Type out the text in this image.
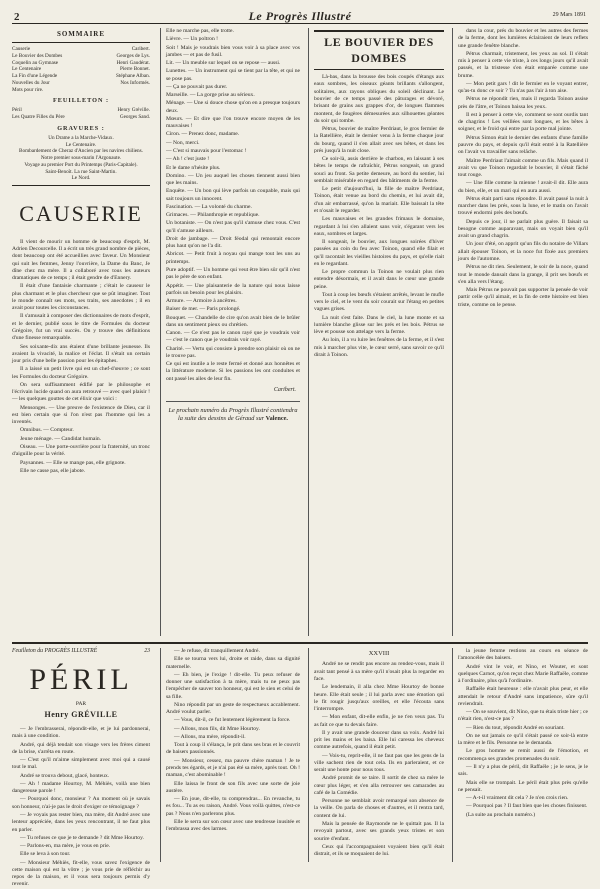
2	Le Progrès Illustré	29 Mars 1891
SOMMAIRE
Causerie	Caribert.
Le Bouvier des Dombes	Georges de Lys.
Coquelin au Gymnase	Henri Gaudérat.
Le Centenaire	Pierre Bonnet.
La Fin d'une Légende	Stéphane Alban.
Nouvelles du Jour	Nos Informés.
Mots pour rire.
FEUILLETON :
Péril	Henry Gréville.
Les Quatre Filles du Père	Georges Sand.
GRAVURES :
Un Drame a la Marche-Vidaux.
Le Centenaire.
Bombardement de Cheraz d'Ancien par les navires chiliens.
Notre premier sous-marin l'Argonaute.
Voyage au premier Port du Printemps (Paris-Capitale).
Saint-Benoît. La rue Saint-Martin.
Le Nord.
CAUSERIE

Il vient de mourir un homme de beaucoup d'esprit, M. Adrien Decourcelle. Il a écrit un très grand nombre de pièces, dont beaucoup ont été accueillies avec faveur. Un Monsieur qui suit les femmes, Jenny l'ouvrière, la Dame du Banc, Je dîne chez ma mère. Il a collaboré avec tous les auteurs dramatiques de ce temps ; il était gendre de d'Ennery.

Il était d'une fantaisie charmante ; c'était le causeur le plus charmant et le plus chercheur que se pût imaginer. Tout le monde connaît ses mots, ses traits, ses anecdotes ; il en avait pour toutes les circonstances.

Il s'amusait à composer des dictionnaires de mots d'esprit, et le dernier, publié sous le titre de Formules du docteur Grégoire, fut un vrai succès. On y trouve des définitions d'une finesse remarquable.

Ses soixante-dix ans étaient d'une brillante jeunesse. Ils avaient la vivacité, la malice et l'éclat. Il s'était un certain jour pris d'une belle passion pour les épitaphes.

Il a laissé un petit livre qui est un chef-d'œuvre ; ce sont les Formules du docteur Grégoire.

On sera suffisamment édifié par le philosophe et l'écrivain lucide quand on aura retrouvé — avec quel plaisir ! — les quelques gouttes de cet élixir que voici :

Mensonges. — Une preuve de l'existence de Dieu, car il est bien certain que si l'on n'est pas l'homme qui les a inventés.

Omnibus. — Compteur.

Jeune ménage. — Candidat humain.

Oiseau. — Une porte-ouvrière pour la fraternité, un tronc d'aiguille pour la vérité.

Paysannes. — Elle se mange pas, elle grignote.

Elle ne casse pas, elle jabote.

Elle ne marche pas, elle trotte.

Lièvre. — Un poltron !

Soit ! Mais je voudrais bien vous voir à sa place avec vos jambes — et pas de fusil.

Lit. — Un meuble sur lequel on se repose — aussi.

Lunettes. — Un instrument qui se tient par la tête, et qui ne se pose pas.

— Ça ne pouvait pas durer.

Marseille. — La gorge prise au sérieux.

Ménage. — Une si douce chose qu'on en a presque toujours deux.

Mœurs. — Et dire que l'on trouve encore moyen de les mauvaises !

Ciron. — Prenez donc, madame.

— Non, merci.

— C'est si mauvais pour l'estomac !

— Ah ! c'est juste !

Et le dame n'hésite plus.

Domino. — Un jeu auquel les choses tiennent aussi bien que les mains.

Enquête. — Un bon qui lève parfois un coupable, mais qui sait toujours un innocent.

Fascination. — La volonté du charme.

Grimaces. — Philanthropie et republique.

Un botaniste. — On n'est pas qu'il s'amuse chez vous. C'est qu'il s'amuse ailleurs.

Droit de jambage. — Droit féodal qui remontait encore plus haut qu'on ne l'a dit.

Abricot. — Petit fruit à noyau qui mange tout les uns au printemps.

Pure adoptif. — Un homme qui veut être bien sûr qu'il n'est pas le père de son enfant.

Appétit. — Une plaisanterie de la nature qui nous laisse parfois un besoin pour les plaisirs.

Armure. — Armoire à ancêtres.

Baiser de mer. — Paris prolongé.

Bouquet. — Chandelle de cire qu'on avait bien de le brûler dans un sentiment pieux ou chrétien.

Canon. — Ce n'est pas le canon rayé que je voudrais voir — c'est le canon que je voudrais voir rayé.

Charité. — Vertu qui consiste à prendre son plaisir où on ne le trouve pas.

Ce qui est inutile a le reste fermé et donné aux honnêtes et la littérature moderne. Si les passions les ont conduites et ont passé les ailes de leur fin.

Caribert.
Le prochain numéro du Progrès Illustré contiendra la suite des dessins de Géraud sur Valence.
LE BOUVIER DES DOMBES

Là-bas, dans la brousse des bois coupés d'étangs aux eaux sombres, les oiseaux géants brillants s'allongent, solitaires, aux rayons obliques du soleil déclinant. Le bouvier de ce temps passé des pâturages et dévoré, brisant de grains aux grappes d'or, de longues flammes montent, de fougères démesurées aux silhouettes géantes du soir qui tombe.

Pétrus, bouvier de maître Perdriaut, le gros fermier de la Ratellière, était le dernier venu à la ferme chaque jour du bourg, quand il s'en allait avec ses bêtes, et dans les prés jusqu'à la nuit close.

Ce soir-là, assis derrière le charbon, en laissant à ses bêtes le temps de rafraîchir, Pétrus songeait, un grand souci au front. Sa petite demeure, au bord du sentier, lui semblait misérable en regard des bâtiments de la ferme.

Le petit d'aujourd'hui, la fille de maître Perdriaut, Toinon, était venue au bord du chemin, et lui avait dit, d'un air embarrassé, qu'on la mariait. Elle baissait la tête et n'osait le regarder.

Les mauvaises et les grandes frimaux le domaine, regardant à lui s'en allaient sans voir, s'égarant vers les eaux, sombres et larges.

Il songeait, le bouvier, aux longues soirées d'hiver passées au coin du feu avec Toinon, quand elle filait et qu'il racontait les vieilles histoires du pays, et qu'elle riait en le regardant.

Le propre commun la Toinon ne voulait plus rien entendre désormais, et il avait dans le cœur une grande peine.

Tout à coup les bœufs s'étaient arrêtés, levant le mufle vers le ciel, et le vent du soir courait sur l'étang en petites vagues grises.

La nuit s'est faite. Dans le ciel, la lune monte et sa lumière blanche glisse sur les prés et les bois. Pétrus se lève et pousse son attelage vers la ferme.

Au loin, il a vu luire les fenêtres de la ferme, et il s'est mis à marcher plus vite, le cœur serré, sans savoir ce qu'il dirait à Toinon.

dans la cour, prés du bouvier et les autres des fermes de la ferme, dont les lumières éclairaient de leurs reflets une grande fenêtre blanche.

Pétrus charmait, tristement, les yeux au sol. Il s'était mis à penser à cette vie triste, à ces longs jours qu'il avait passés, et la tristesse s'en était emparée comme une brume.

— Mon petit gars ! dit le fermier en le voyant entrer, qu'as-tu donc ce soir ? Tu n'as pas l'air à ton aise.

Pétrus ne répondit rien, mais il regarda Toinon assise près de l'âtre, et Toinon baissa les yeux.

Il est à penser à cette vie, comment se sont ourdis tant de chagrins ! Les veillées sont longues, et les bêtes à soigner, et le froid qui entre par la porte mal jointe.

Pétrus Simon était le dernier des enfants d'une famille pauvre du pays, et depuis qu'il était entré à la Ratellière on l'avait vu travailler sans relâche.

Maître Perdriaut l'aimait comme un fils. Mais quand il avait vu que Toinon regardait le bouvier, il s'était fâché tout rouge.

— Une fille comme la mienne ! avait-il dit. Elle aura du bien, elle, et un mari qui en aura aussi.

Pétrus était parti sans répondre. Il avait passé la nuit à marcher dans les prés, sous la lune, et le matin on l'avait trouvé endormi près des bœufs.

Depuis ce jour, il ne parlait plus guère. Il faisait sa besogne comme auparavant, mais on voyait bien qu'il avait un grand chagrin.

Un jour d'été, on apprit qu'un fils du notaire de Villars allait épouser Toinon, et la noce fut fixée aux premiers jours de l'automne.

Pétrus ne dit rien. Seulement, le soir de la noce, quand tout le monde dansait dans la grange, il prit ses bœufs et s'en alla vers l'étang.

Mais Pétrus ne pouvait pas supporter la pensée de voir partir celle qu'il aimait, et la fin de cette histoire est bien triste, comme on le pense.

Feuilleton du PROGRÈS ILLUSTRÉ	23
PÉRIL
PAR
Henry GRÉVILLE

— Je l'embrasserai, répondit-elle, et je lui pardonnerai, mais à une condition.

André, qui déjà tendait son visage vers les frères ciment de la brise, s'arrêta en route.

— C'est qu'il m'aime simplement avec moi qui a causé tout le mal.

André se trouva debout, glacé, honteux.

— Ah ! madame Hourtoy, M. Méhiès, voilà une bien dangereuse parole !

— Pourquoi donc, monsieur ? Au moment où je savais son honneur, n'ai-je pas le droit d'exiger ce témoignage ?

— Je voyais pas rester bien, ma mère, dit André avec une lenteur appréciée, dans les yeux rencontrant, il ne faut plus en parler.

— Tu refuses ce que je te demande ? dit Mme Hourtoy.

— Parlons-en, ma mère, je vous en prie.

Elle se leva à son tour.

— Monsieur Méhiès, fit-elle, vous savez l'exigence de cette maison qui est la vôtre ; je vous prie de réfléchir au repos de la maison, et il vous sera toujours permis d'y revenir.

— Je refuse, dit tranquillement André.

Elle se tourna vers lui, droite et raide, dans sa dignité maternelle.

— Eh bien, je l'exige ! dit-elle. Tu peux refuser de donner une satisfaction à ta mère, mais tu ne peux pas l'empêcher de sauver ton honneur, qui est le sien et celui de sa fille.

Nino répondit par un geste de respectueux accablement. André voulut parler.

— Vous, dit-il, ce fut lentement légèrement la force.

— Allons, mon fils, dit Mme Hourtoy.

— Allons, ma mère, répondit-il.

Tout à coup il s'élança, le prit dans ses bras et le couvrit de baisers passionnés.

— Monsieur, cessez, ma pauvre chère maman ! Je te prends tes égards, et je n'ai pas été sa mère, après tout. Oh ! maman, c'est abominable !

Elle laissa le front de son fils avec une sorte de joie austère.

— En joue, dit-elle, tu comprendras... En revanche, tu es fou... Tu as eu raison, André. Vous voilà quittes, n'est-ce pas ? Nous n'en parlerons plus.

Elle le serra sur son cœur avec une tendresse inusitée et l'embrassa avec des larmes.

XXVIII

André ne se rendit pas encore au rendez-vous, mais il avait tant pensé à sa mère qu'il n'osait plus la regarder en face.

Le lendemain, il alla chez Mme Hourtoy de bonne heure. Elle était seule ; il lui parla avec une émotion qui le fit rougir jusqu'aux oreilles, et elle l'écouta sans l'interrompre.

— Mon enfant, dit-elle enfin, je ne t'en veux pas. Tu as fait ce que tu devais faire.

Il y avait une grande douceur dans sa voix. André lui prit les mains et les baisa. Elle lui caressa les cheveux comme autrefois, quand il était petit.

— Vois-tu, reprit-elle, il ne faut pas que les gens de la ville sachent rien de tout cela. Ils en parleraient, et ce serait une honte pour nous tous.

André promit de se taire. Il sortit de chez sa mère le cœur plus léger, et s'en alla retrouver ses camarades au café de la Comédie.

Personne ne semblait avoir remarqué son absence de la veille. On parla de choses et d'autres, et il rentra tard, content de lui.

Mais la pensée de Raymonde ne le quittait pas. Il la revoyait partout, avec ses grands yeux tristes et son sourire d'enfant.

Ceux qui l'accompagnaient voyaient bien qu'il était distrait, et ils se moquaient de lui.

la jeune femme restions au cours en séance de l'amoncélée des baisers.

André vint le voir, et Nino, et Wouter, et sont quelques Carnot, qu'on reçut chez Marie Raffaële, comme à l'ordinaire, plus qu'à l'ordinaire.

Raffaële était heureuse : elle n'avait plus peur, et elle attendait le retour d'André sans impatience, sûre qu'il reviendrait.

— On se souvient, dit Nino, que tu étais triste hier ; ce n'était rien, n'est-ce pas ?

— Rien du tout, répondit André en souriant.

On ne sut jamais ce qu'il s'était passé ce soir-là entre la mère et le fils. Personne ne le demanda.

Le gros homme se remit aussi de l'émotion, et recommença ses grandes promenades du soir.

— Il n'y a plus de péril, dit Raffaële ; je le sens, je le sais.

Mais elle se trompait. Le péril était plus près qu'elle ne pensait.

— A-t-il vraiment dit cela ? Je n'en crois rien.

— Pourquoi pas ? Il faut bien que les choses finissent.

(La suite au prochain numéro.)
